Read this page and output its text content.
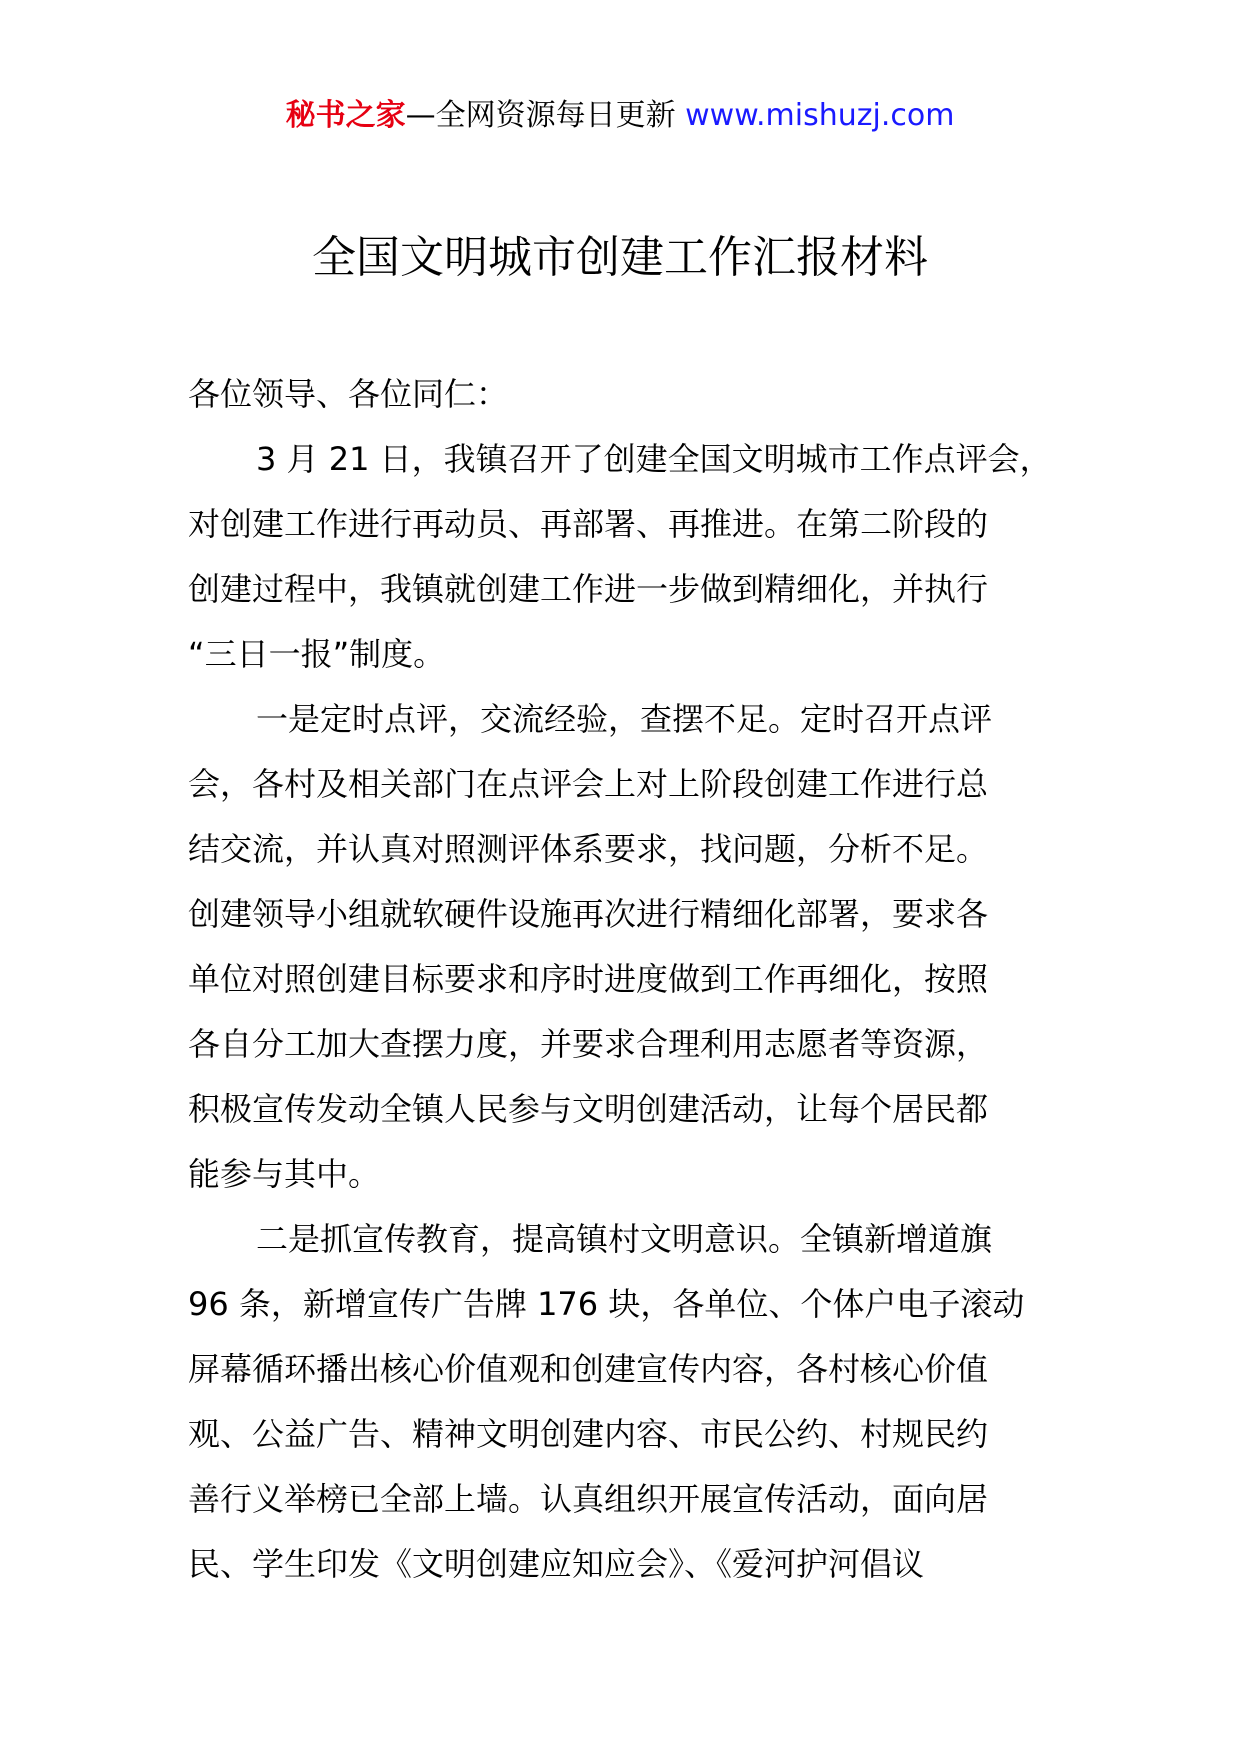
秘书之家—全网资源每日更新 www.mishuzj.com
全国文明城市创建工作汇报材料
各位领导、各位同仁：
3 月 21 日，我镇召开了创建全国文明城市工作点评会，
对创建工作进行再动员、再部署、再推进。在第二阶段的
创建过程中，我镇就创建工作进一步做到精细化，并执行
“三日一报”制度。
一是定时点评，交流经验，查摆不足。定时召开点评
会，各村及相关部门在点评会上对上阶段创建工作进行总
结交流，并认真对照测评体系要求，找问题，分析不足。
创建领导小组就软硬件设施再次进行精细化部署，要求各
单位对照创建目标要求和序时进度做到工作再细化，按照
各自分工加大查摆力度，并要求合理利用志愿者等资源，
积极宣传发动全镇人民参与文明创建活动，让每个居民都
能参与其中。
二是抓宣传教育，提高镇村文明意识。全镇新增道旗
96 条，新增宣传广告牌 176 块，各单位、个体户电子滚动
屏幕循环播出核心价值观和创建宣传内容，各村核心价值
观、公益广告、精神文明创建内容、市民公约、村规民约
善行义举榜已全部上墙。认真组织开展宣传活动，面向居
民、学生印发《文明创建应知应会》、《爱河护河倡议
